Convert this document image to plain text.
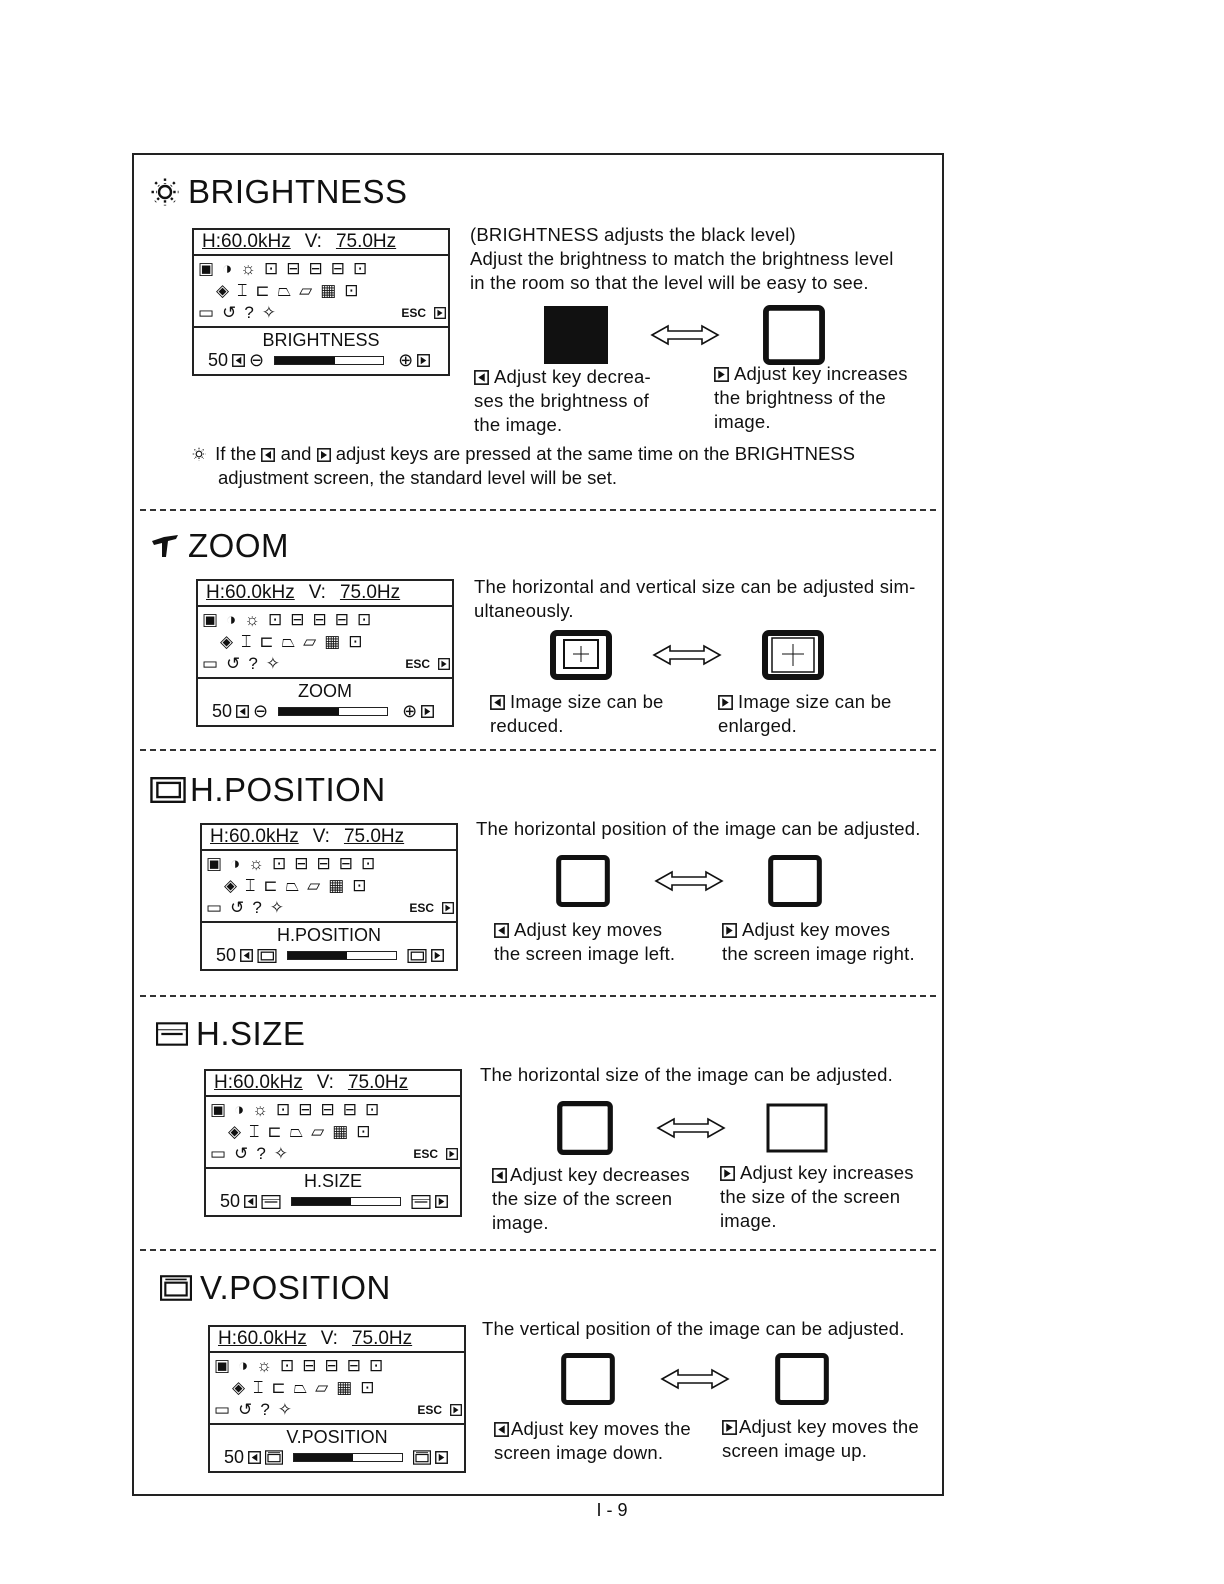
BRIGHTNESS
H:60.0kHz V: 75.0Hz
▣ ◑ ☼ ⊡ ⊟ ⊟ ⊟ ⊡
◈ ⌶ ⊏ ⏢ ▱ ▦ ⊡
▭ ↺ ? ✧	ESC
BRIGHTNESS
50 ⊖	⊕
(BRIGHTNESS adjusts the black level)
Adjust the brightness to match the brightness level
in the room so that the level will be easy to see.
Adjust key decrea-
ses the brightness of
the image.
Adjust key increases
the brightness of the
image.
If the and adjust keys are pressed at the same time on the BRIGHTNESS
adjustment screen, the standard level will be set.
ZOOM
H:60.0kHz V: 75.0Hz
▣ ◑ ☼ ⊡ ⊟ ⊟ ⊟ ⊡
◈ ⌶ ⊏ ⏢ ▱ ▦ ⊡
▭ ↺ ? ✧	ESC
ZOOM
50 ⊖	⊕
The horizontal and vertical size can be adjusted sim-
ultaneously.
Image size can be
reduced.
Image size can be
enlarged.
H.POSITION
H:60.0kHz V: 75.0Hz
▣ ◑ ☼ ⊡ ⊟ ⊟ ⊟ ⊡
◈ ⌶ ⊏ ⏢ ▱ ▦ ⊡
▭ ↺ ? ✧	ESC
H.POSITION
50
The horizontal position of the image can be adjusted.
Adjust key moves
the screen image left.
Adjust key moves
the screen image right.
H.SIZE
H:60.0kHz V: 75.0Hz
▣ ◑ ☼ ⊡ ⊟ ⊟ ⊟ ⊡
◈ ⌶ ⊏ ⏢ ▱ ▦ ⊡
▭ ↺ ? ✧	ESC
H.SIZE
50
The horizontal size of the image can be adjusted.
Adjust key decreases
the size of the screen
image.
Adjust key increases
the size of the screen
image.
V.POSITION
H:60.0kHz V: 75.0Hz
▣ ◑ ☼ ⊡ ⊟ ⊟ ⊟ ⊡
◈ ⌶ ⊏ ⏢ ▱ ▦ ⊡
▭ ↺ ? ✧	ESC
V.POSITION
50
The vertical position of the image can be adjusted.
Adjust key moves the
screen image down.
Adjust key moves the
screen image up.
I - 9
